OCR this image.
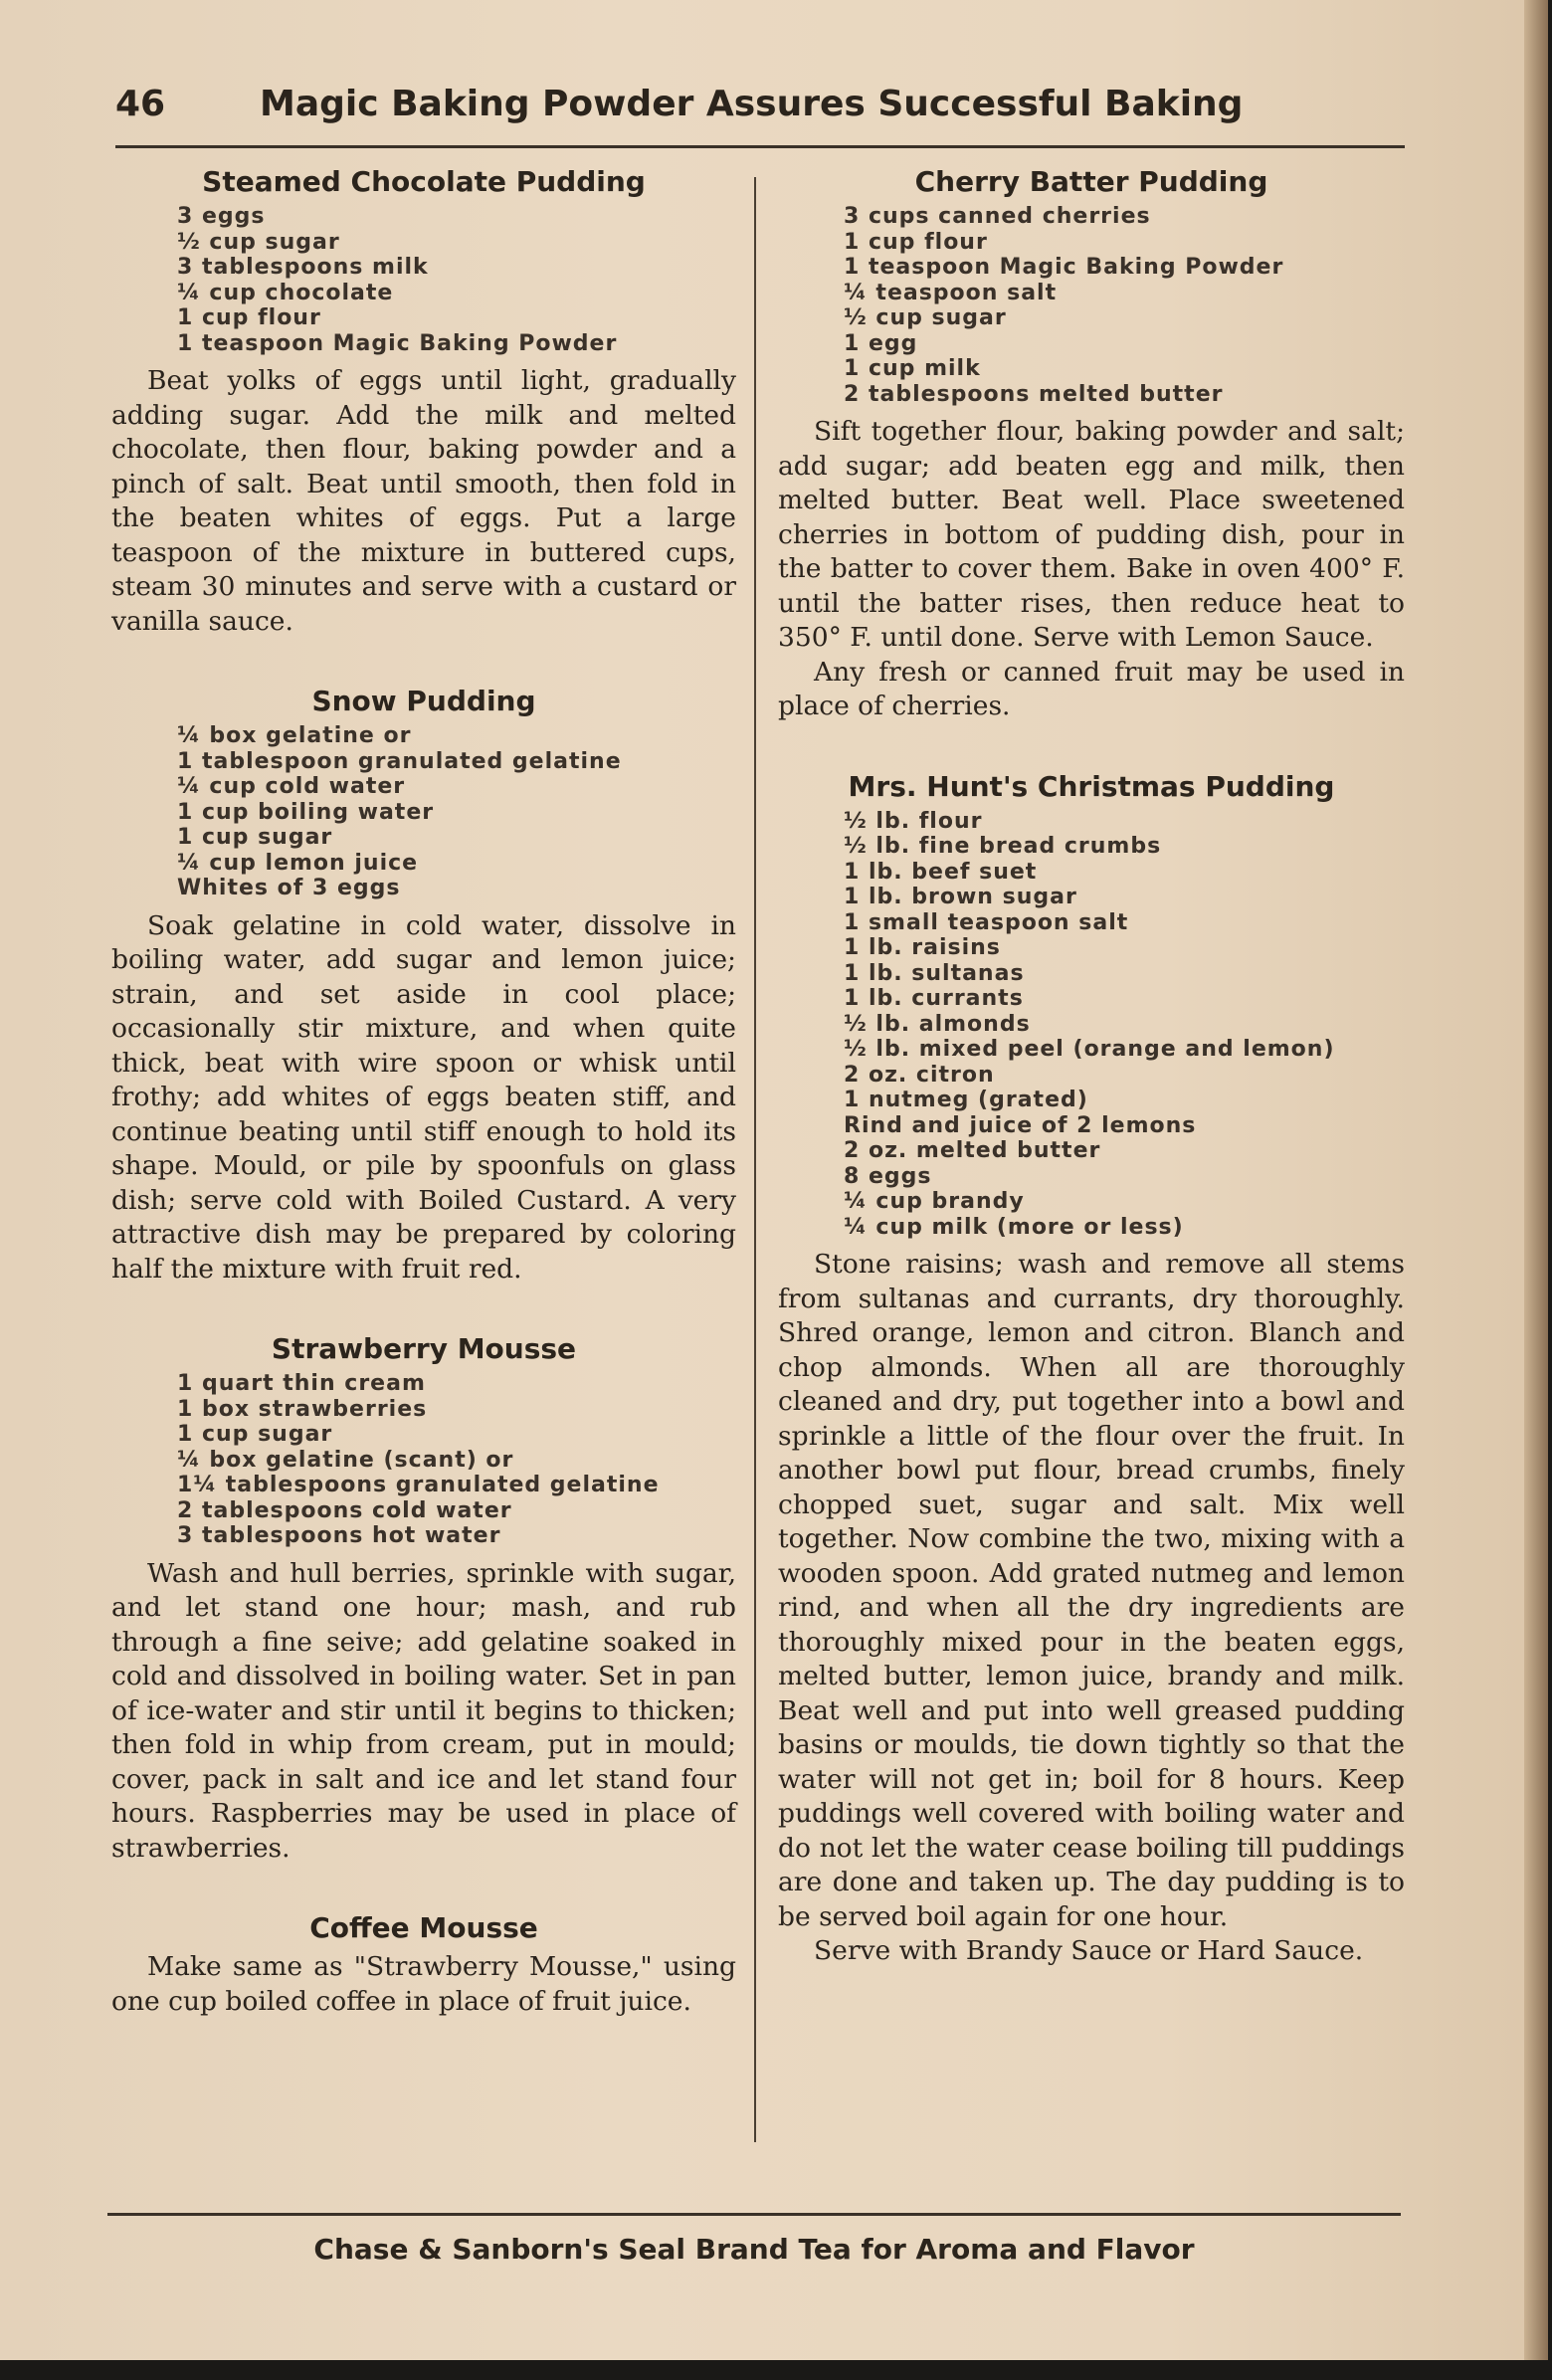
46	Magic Baking Powder Assures Successful Baking
Steamed Chocolate Pudding
3 eggs
½ cup sugar
3 tablespoons milk
¼ cup chocolate
1 cup flour
1 teaspoon Magic Baking Powder

Beat yolks of eggs until light, gradually adding sugar. Add the milk and melted chocolate, then flour, baking powder and a pinch of salt. Beat until smooth, then fold in the beaten whites of eggs. Put a large teaspoon of the mixture in buttered cups, steam 30 minutes and serve with a custard or vanilla sauce.

Snow Pudding
¼ box gelatine or
1 tablespoon granulated gelatine
¼ cup cold water
1 cup boiling water
1 cup sugar
¼ cup lemon juice
Whites of 3 eggs

Soak gelatine in cold water, dissolve in boiling water, add sugar and lemon juice; strain, and set aside in cool place; occasionally stir mixture, and when quite thick, beat with wire spoon or whisk until frothy; add whites of eggs beaten stiff, and continue beating until stiff enough to hold its shape. Mould, or pile by spoonfuls on glass dish; serve cold with Boiled Custard. A very attractive dish may be prepared by coloring half the mixture with fruit red.

Strawberry Mousse
1 quart thin cream
1 box strawberries
1 cup sugar
¼ box gelatine (scant) or
1¼ tablespoons granulated gelatine
2 tablespoons cold water
3 tablespoons hot water

Wash and hull berries, sprinkle with sugar, and let stand one hour; mash, and rub through a fine seive; add gelatine soaked in cold and dissolved in boiling water. Set in pan of ice-water and stir until it begins to thicken; then fold in whip from cream, put in mould; cover, pack in salt and ice and let stand four hours. Raspberries may be used in place of strawberries.

Coffee Mousse

Make same as "Strawberry Mousse," using one cup boiled coffee in place of fruit juice.

Cherry Batter Pudding
3 cups canned cherries
1 cup flour
1 teaspoon Magic Baking Powder
¼ teaspoon salt
½ cup sugar
1 egg
1 cup milk
2 tablespoons melted butter

Sift together flour, baking powder and salt; add sugar; add beaten egg and milk, then melted butter. Beat well. Place sweetened cherries in bottom of pudding dish, pour in the batter to cover them. Bake in oven 400° F. until the batter rises, then reduce heat to 350° F. until done. Serve with Lemon Sauce.

Any fresh or canned fruit may be used in place of cherries.

Mrs. Hunt's Christmas Pudding
½ lb. flour
½ lb. fine bread crumbs
1 lb. beef suet
1 lb. brown sugar
1 small teaspoon salt
1 lb. raisins
1 lb. sultanas
1 lb. currants
½ lb. almonds
½ lb. mixed peel (orange and lemon)
2 oz. citron
1 nutmeg (grated)
Rind and juice of 2 lemons
2 oz. melted butter
8 eggs
¼ cup brandy
¼ cup milk (more or less)

Stone raisins; wash and remove all stems from sultanas and currants, dry thoroughly. Shred orange, lemon and citron. Blanch and chop almonds. When all are thoroughly cleaned and dry, put together into a bowl and sprinkle a little of the flour over the fruit. In another bowl put flour, bread crumbs, finely chopped suet, sugar and salt. Mix well together. Now combine the two, mixing with a wooden spoon. Add grated nutmeg and lemon rind, and when all the dry ingredients are thoroughly mixed pour in the beaten eggs, melted butter, lemon juice, brandy and milk. Beat well and put into well greased pudding basins or moulds, tie down tightly so that the water will not get in; boil for 8 hours. Keep puddings well covered with boiling water and do not let the water cease boiling till puddings are done and taken up. The day pudding is to be served boil again for one hour.

Serve with Brandy Sauce or Hard Sauce.

Chase & Sanborn's Seal Brand Tea for Aroma and Flavor
